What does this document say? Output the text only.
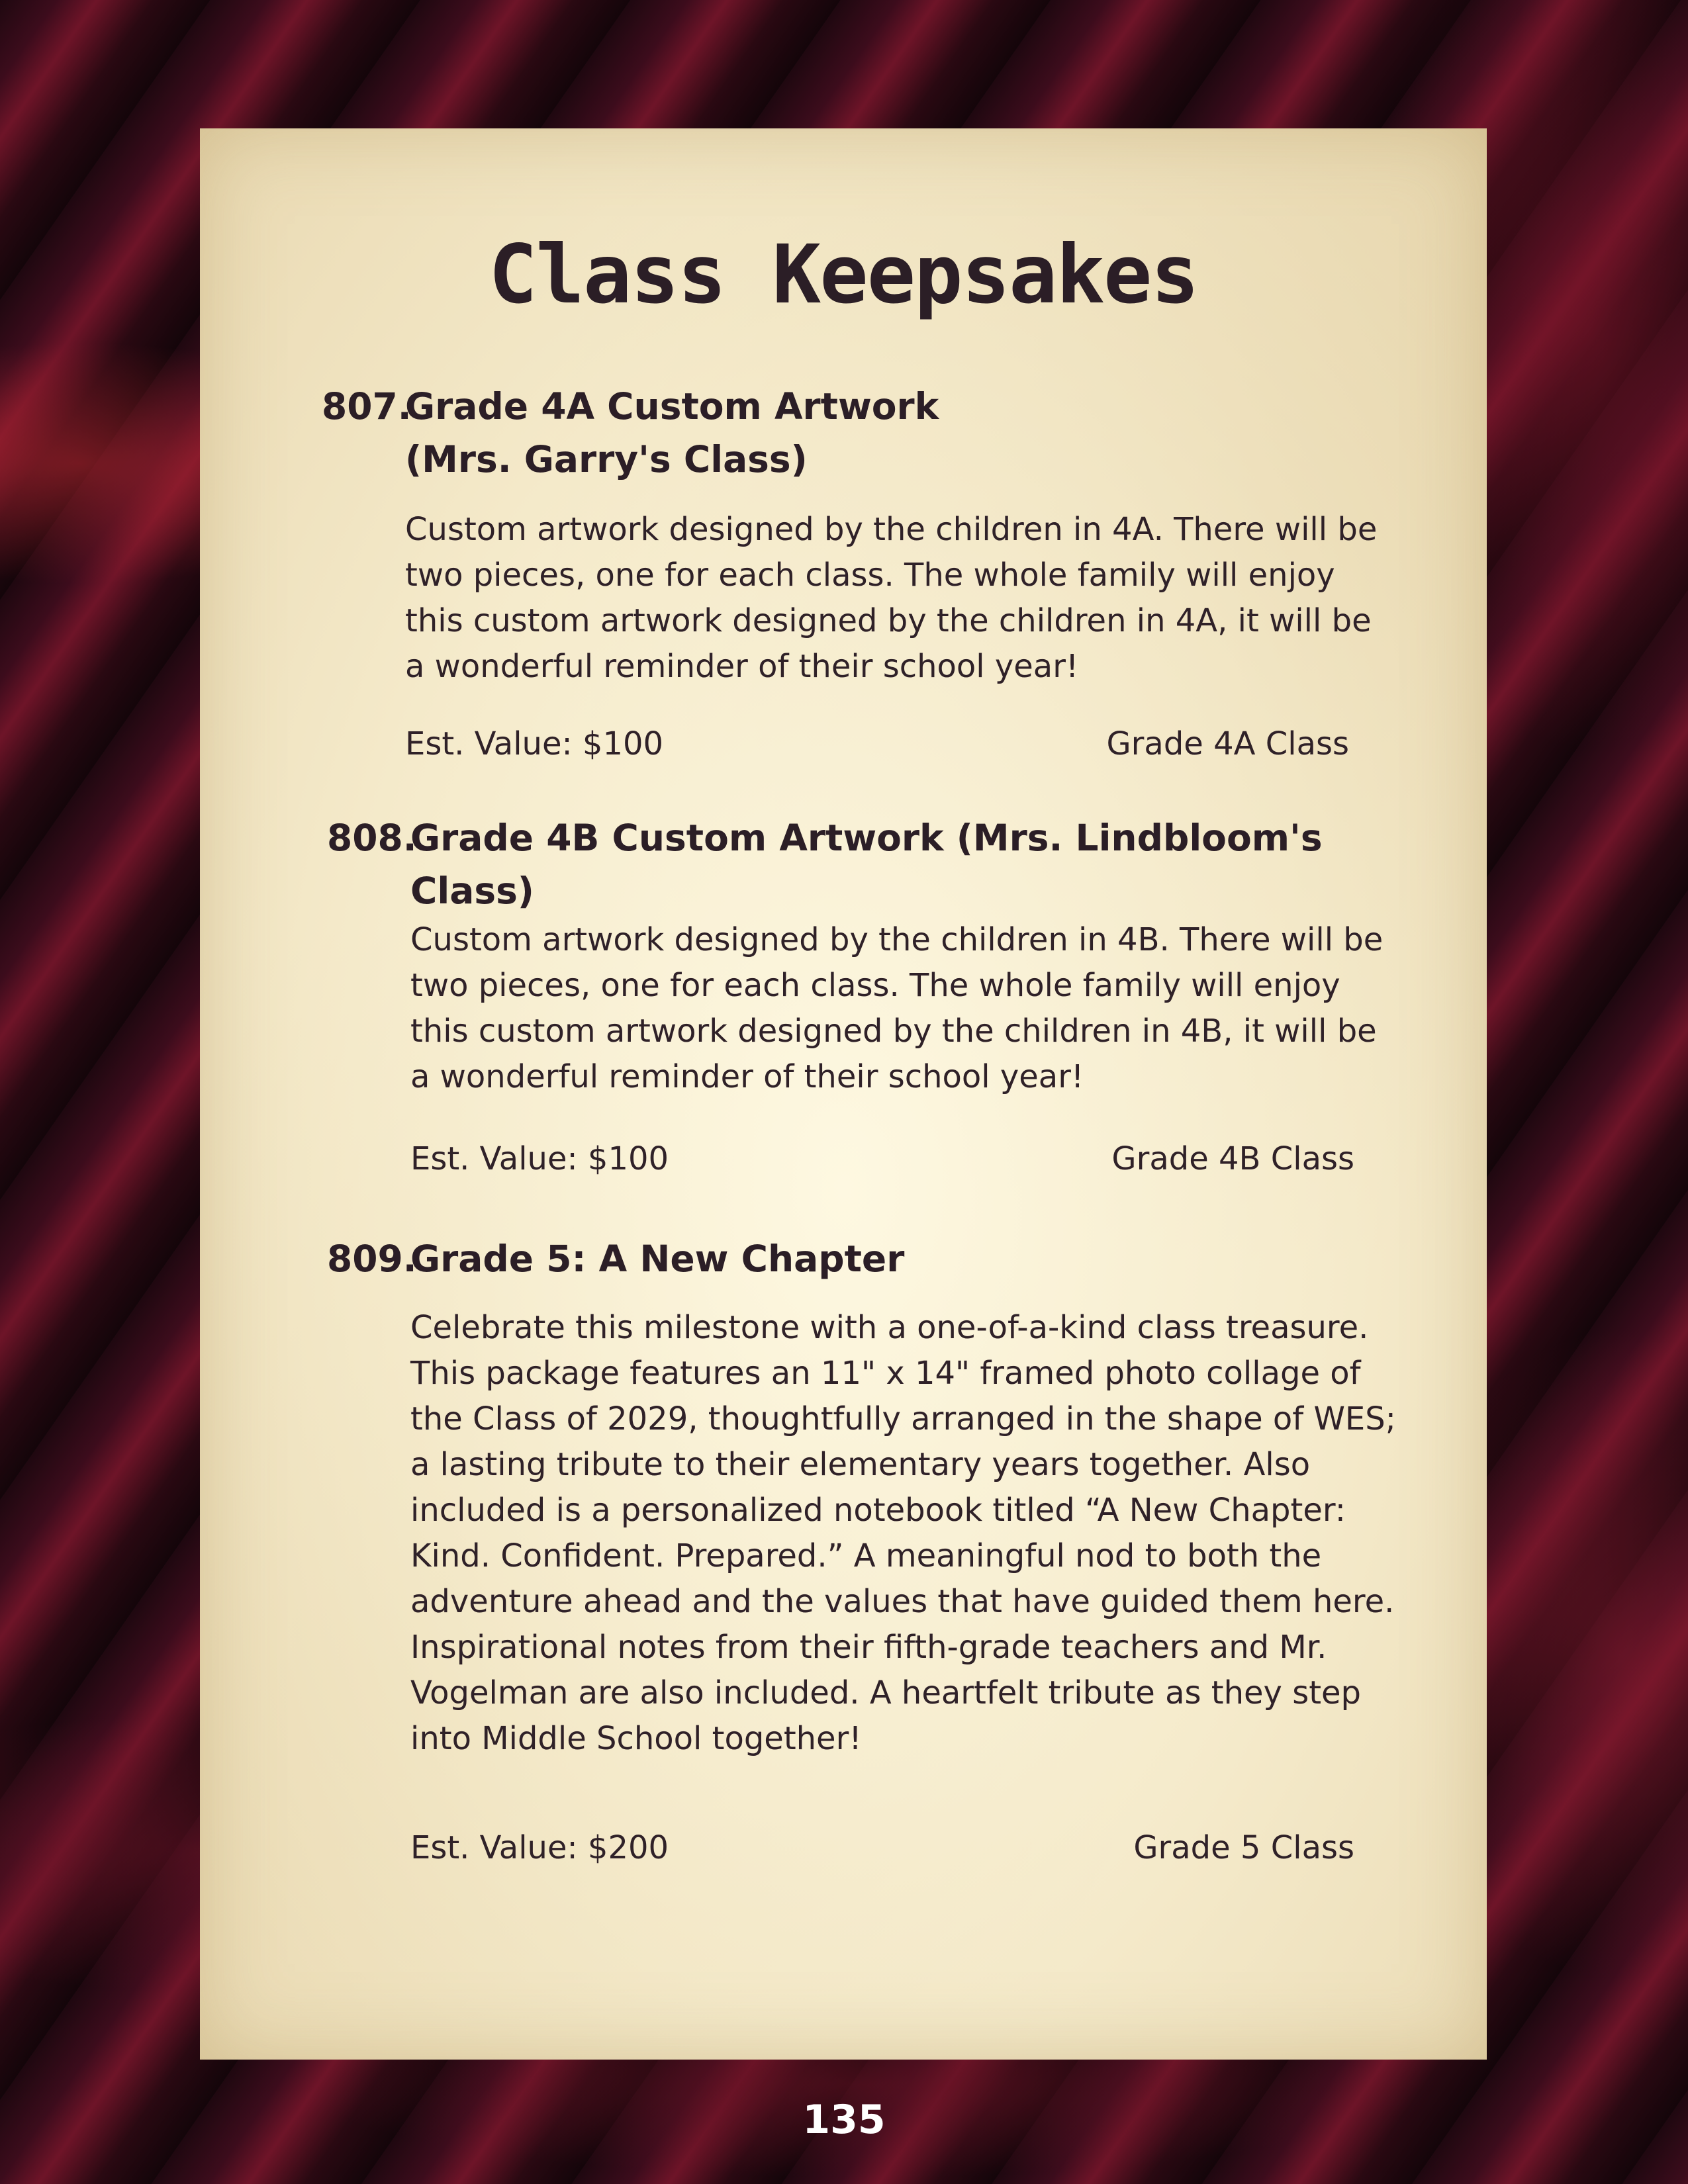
Class Keepsakes
807.
Grade 4A Custom Artwork
(Mrs. Garry's Class)
Custom artwork designed by the children in 4A. There will be
two pieces, one for each class. The whole family will enjoy
this custom artwork designed by the children in 4A, it will be
a wonderful reminder of their school year!
Est. Value: $100	Grade 4A Class
808.
Grade 4B Custom Artwork (Mrs. Lindbloom's
Class)
Custom artwork designed by the children in 4B. There will be
two pieces, one for each class. The whole family will enjoy
this custom artwork designed by the children in 4B, it will be
a wonderful reminder of their school year!
Est. Value: $100	Grade 4B Class
809.
Grade 5: A New Chapter
Celebrate this milestone with a one-of-a-kind class treasure.
This package features an 11" x 14" framed photo collage of
the Class of 2029, thoughtfully arranged in the shape of WES;
a lasting tribute to their elementary years together. Also
included is a personalized notebook titled “A New Chapter:
Kind. Confident. Prepared.” A meaningful nod to both the
adventure ahead and the values that have guided them here.
Inspirational notes from their fifth-grade teachers and Mr.
Vogelman are also included. A heartfelt tribute as they step
into Middle School together!
Est. Value: $200	Grade 5 Class
135
